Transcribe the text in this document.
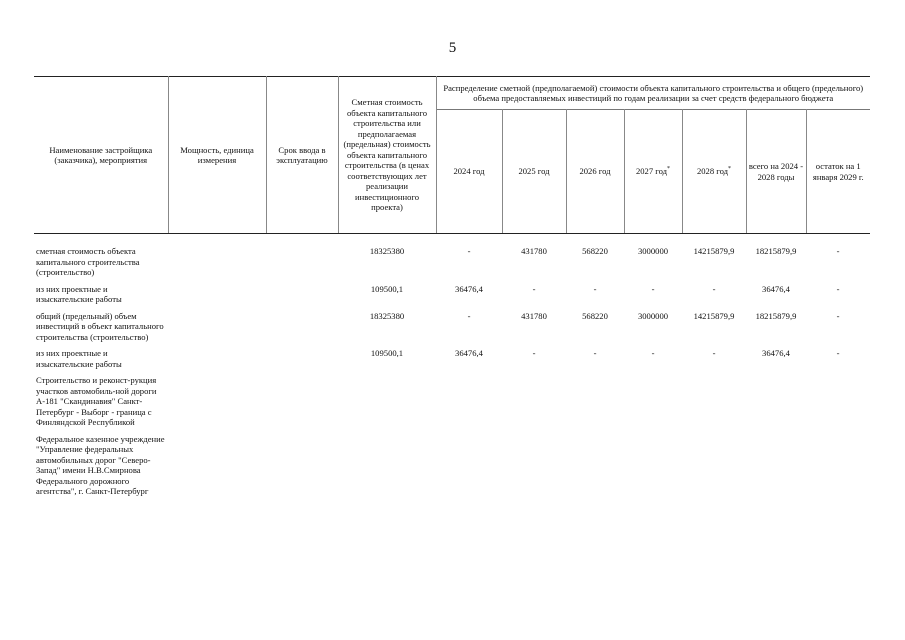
5
Наименование застройщика (заказчика), мероприятия	Мощность, единица измерения	Срок ввода в эксплуатацию	Сметная стоимость объекта капитального строительства или предполагаемая (предельная) стоимость объекта капитального строительства (в ценах соответствующих лет реализации инвестиционного проекта)	Распределение сметной (предполагаемой) стоимости объекта капитального строительства и общего (предельного) объема предоставляемых инвестиций по годам реализации за счет средств федерального бюджета						
				2024 год	2025 год	2026 год	2027 год*	2028 год*	всего на 2024 - 2028 годы	остаток на 1 января 2029 г.
сметная стоимость объекта капитального строительства (строительство)			18325380	-	431780	568220	3000000	14215879,9	18215879,9	-

из них проектные и изыскательские работы			109500,1	36476,4	-	-	-	-	36476,4	-

общий (предельный) объем инвестиций в объект капитального строительства (строительство)			18325380	-	431780	568220	3000000	14215879,9	18215879,9	-

из них проектные и изыскательские работы			109500,1	36476,4	-	-	-	-	36476,4	-

Строительство и реконст-рукция участков автомобиль-ной дороги А-181 "Скандинавия" Санкт-Петербург - Выборг - граница с Финляндской Республикой										

Федеральное казенное учреждение "Управление федеральных автомобильных дорог "Северо-Запад" имени Н.В.Смирнова Федерального дорожного агентства", г. Санкт-Петербург										
